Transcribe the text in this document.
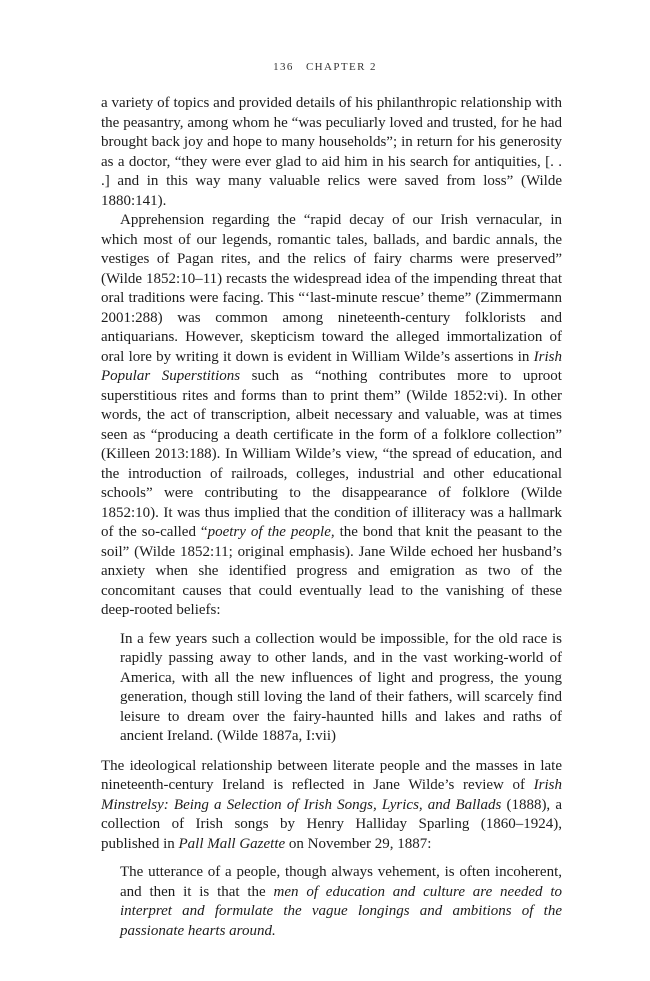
136 CHAPTER 2

a variety of topics and provided details of his philanthropic relationship with the peasantry, among whom he “was peculiarly loved and trusted, for he had brought back joy and hope to many households”; in return for his generosity as a doctor, “they were ever glad to aid him in his search for antiquities, [. . .] and in this way many valuable relics were saved from loss” (Wilde 1880:141).

Apprehension regarding the “rapid decay of our Irish vernacular, in which most of our legends, romantic tales, ballads, and bardic annals, the vestiges of Pagan rites, and the relics of fairy charms were preserved” (Wilde 1852:10–11) recasts the widespread idea of the impending threat that oral traditions were facing. This “‘last-minute rescue’ theme” (Zimmermann 2001:288) was common among nineteenth-century folklorists and antiquarians. However, skepticism toward the alleged immortalization of oral lore by writing it down is evident in William Wilde’s assertions in Irish Popular Superstitions such as “nothing contributes more to uproot superstitious rites and forms than to print them” (Wilde 1852:vi). In other words, the act of transcription, albeit necessary and valuable, was at times seen as “producing a death certificate in the form of a folklore collection” (Killeen 2013:188). In William Wilde’s view, “the spread of education, and the introduction of railroads, colleges, industrial and other educational schools” were contributing to the disappearance of folklore (Wilde 1852:10). It was thus implied that the condition of illiteracy was a hallmark of the so-called “poetry of the people, the bond that knit the peasant to the soil” (Wilde 1852:11; original emphasis). Jane Wilde echoed her husband’s anxiety when she identified progress and emigration as two of the concomitant causes that could eventually lead to the vanishing of these deep-rooted beliefs:

In a few years such a collection would be impossible, for the old race is rapidly passing away to other lands, and in the vast working-world of America, with all the new influences of light and progress, the young generation, though still loving the land of their fathers, will scarcely find leisure to dream over the fairy-haunted hills and lakes and raths of ancient Ireland. (Wilde 1887a, I:vii)

The ideological relationship between literate people and the masses in late nineteenth-century Ireland is reflected in Jane Wilde’s review of Irish Minstrelsy: Being a Selection of Irish Songs, Lyrics, and Ballads (1888), a collection of Irish songs by Henry Halliday Sparling (1860–1924), published in Pall Mall Gazette on November 29, 1887:

The utterance of a people, though always vehement, is often incoherent, and then it is that the men of education and culture are needed to interpret and formulate the vague longings and ambitions of the passionate hearts around.
